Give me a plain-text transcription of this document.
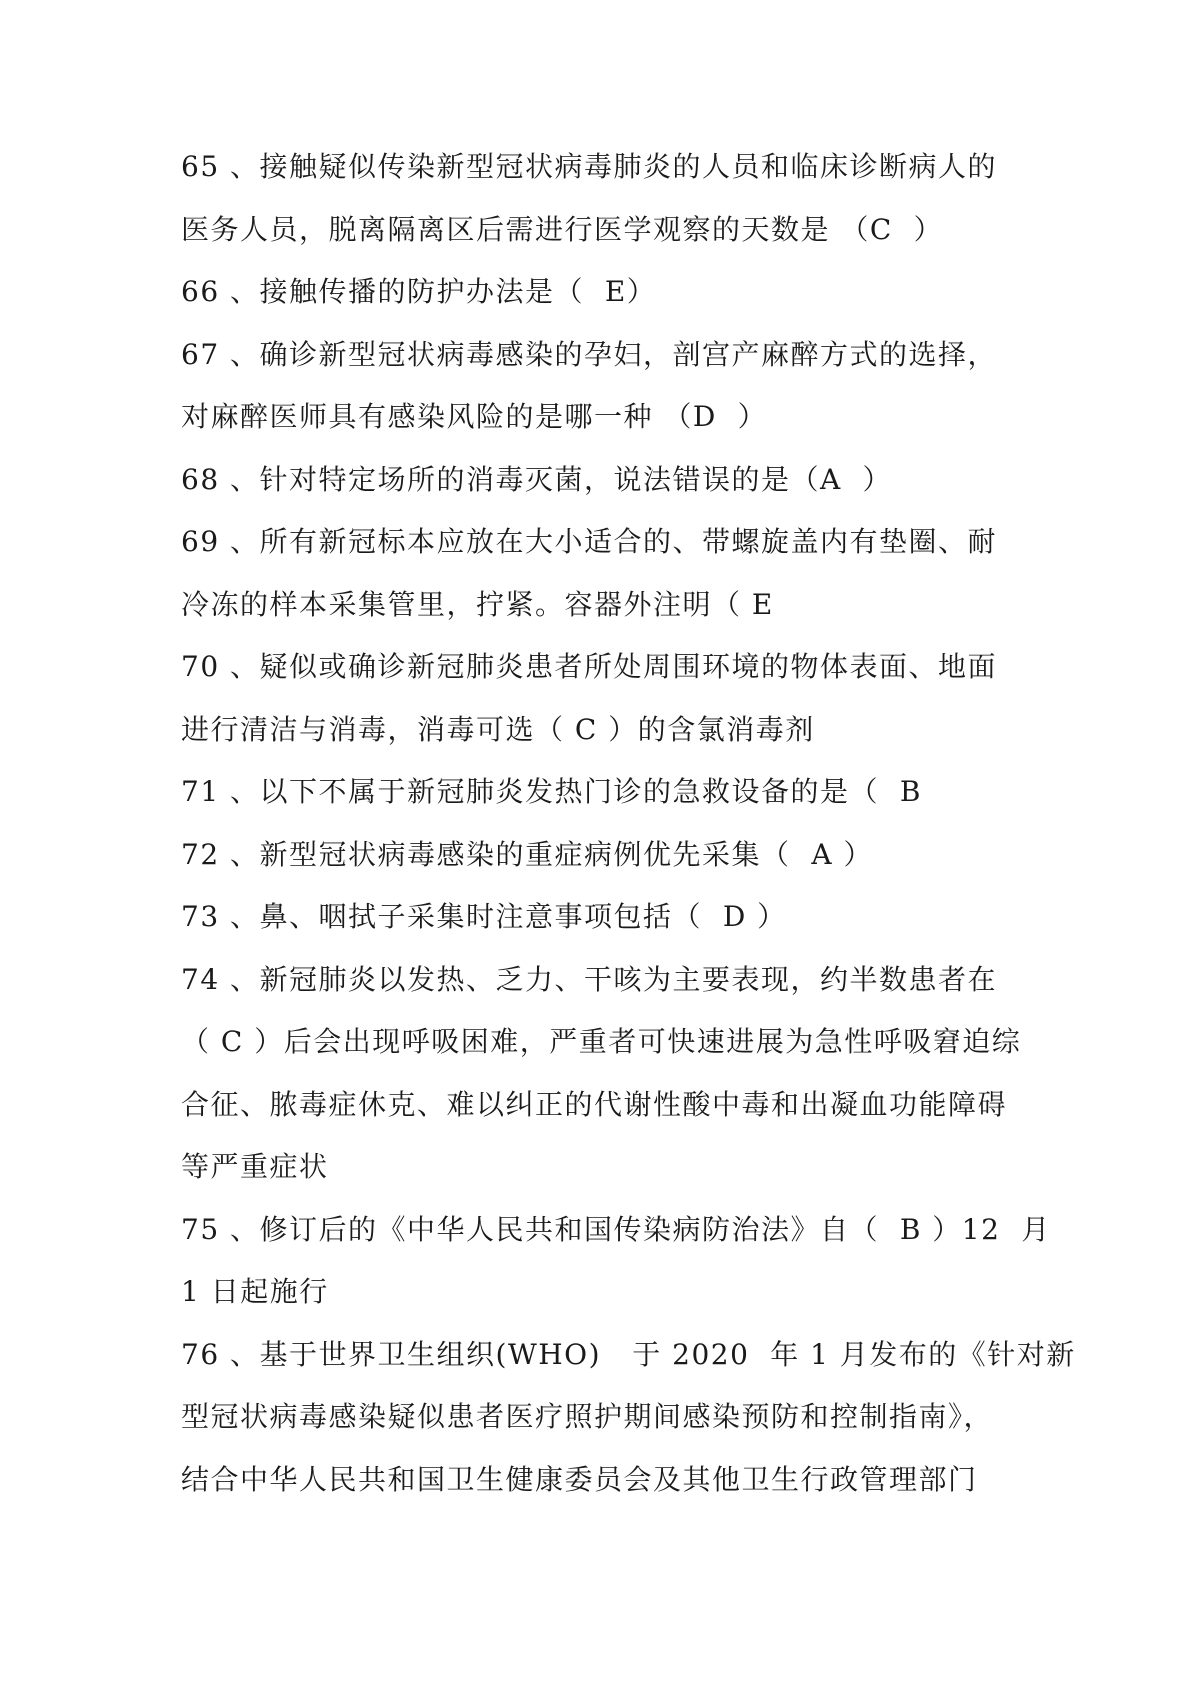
65 、接触疑似传染新型冠状病毒肺炎的人员和临床诊断病人的
医务人员，脱离隔离区后需进行医学观察的天数是 （C  ）
66 、接触传播的防护办法是（  E）
67 、确诊新型冠状病毒感染的孕妇，剖宫产麻醉方式的选择，
对麻醉医师具有感染风险的是哪一种 （D  ）
68 、针对特定场所的消毒灭菌，说法错误的是（A  ）
69 、所有新冠标本应放在大小适合的、带螺旋盖内有垫圈、耐
冷冻的样本采集管里，拧紧。容器外注明（ E
70 、疑似或确诊新冠肺炎患者所处周围环境的物体表面、地面
进行清洁与消毒，消毒可选（ C ）的含氯消毒剂
71 、以下不属于新冠肺炎发热门诊的急救设备的是（  B
72 、新型冠状病毒感染的重症病例优先采集（  A ）
73 、鼻、咽拭子采集时注意事项包括（  D ）
74 、新冠肺炎以发热、乏力、干咳为主要表现，约半数患者在
（ C ）后会出现呼吸困难，严重者可快速进展为急性呼吸窘迫综
合征、脓毒症休克、难以纠正的代谢性酸中毒和出凝血功能障碍
等严重症状
75 、修订后的《中华人民共和国传染病防治法》自（  B ）12  月
1 日起施行
76 、基于世界卫生组织(WHO)   于 2020  年 1 月发布的《针对新
型冠状病毒感染疑似患者医疗照护期间感染预防和控制指南》，
结合中华人民共和国卫生健康委员会及其他卫生行政管理部门
